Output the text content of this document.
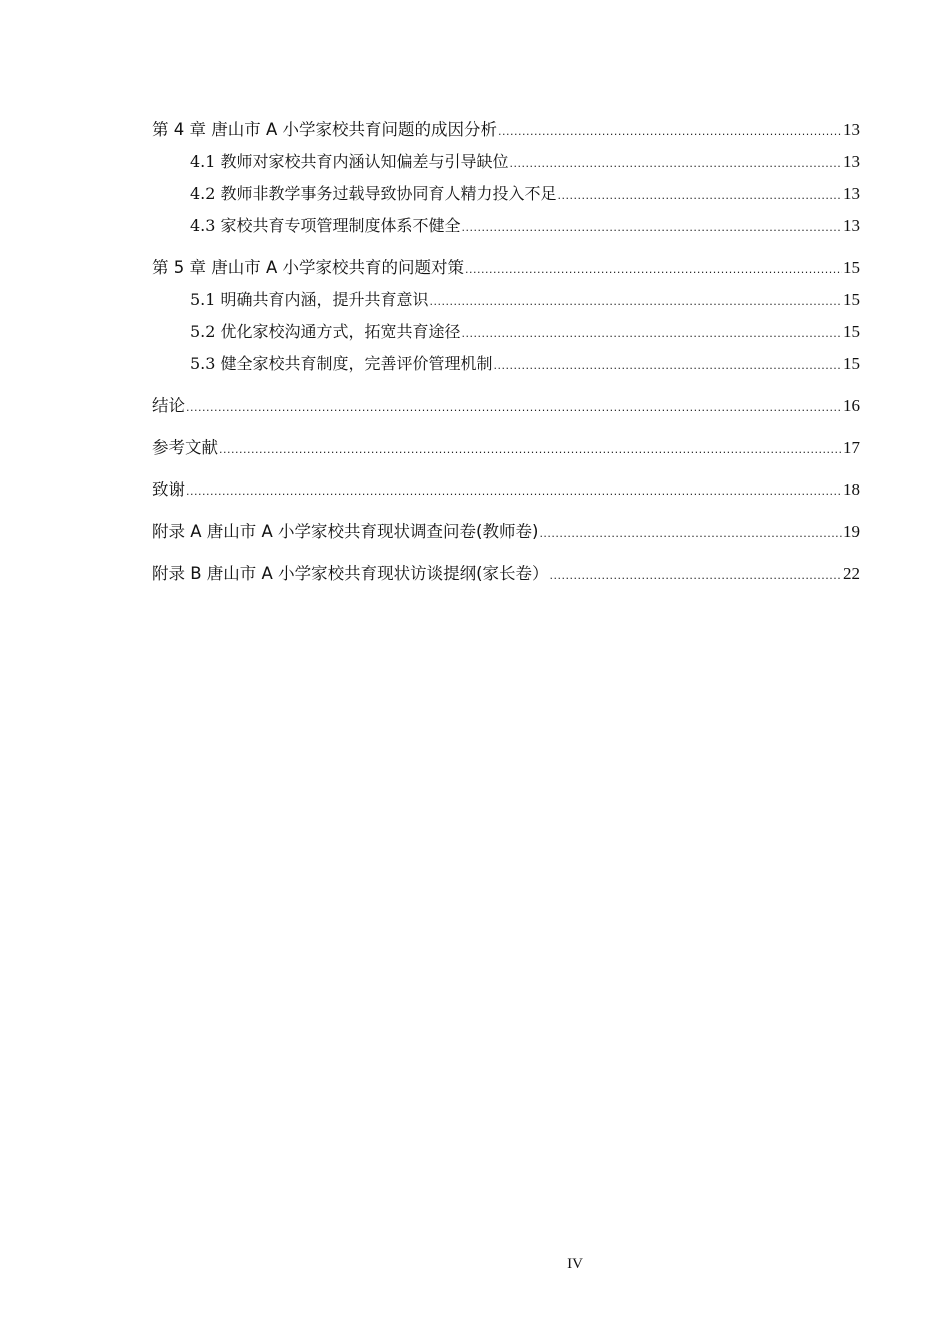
第 4 章 唐山市 A 小学家校共育问题的成因分析 .....	13
4.1 教师对家校共育内涵认知偏差与引导缺位 .....	13
4.2 教师非教学事务过载导致协同育人精力投入不足 .....	13
4.3 家校共育专项管理制度体系不健全 .....	13
第 5 章 唐山市 A 小学家校共育的问题对策 .....	15
5.1 明确共育内涵，提升共育意识 .....	15
5.2 优化家校沟通方式，拓宽共育途径 .....	15
5.3 健全家校共育制度，完善评价管理机制 .....	15
结论 .....	16
参考文献 .....	17
致谢 .....	18
附录 A 唐山市 A 小学家校共育现状调查问卷(教师卷) .....	19
附录 B 唐山市 A 小学家校共育现状访谈提纲(家长卷） .....	22
IV
